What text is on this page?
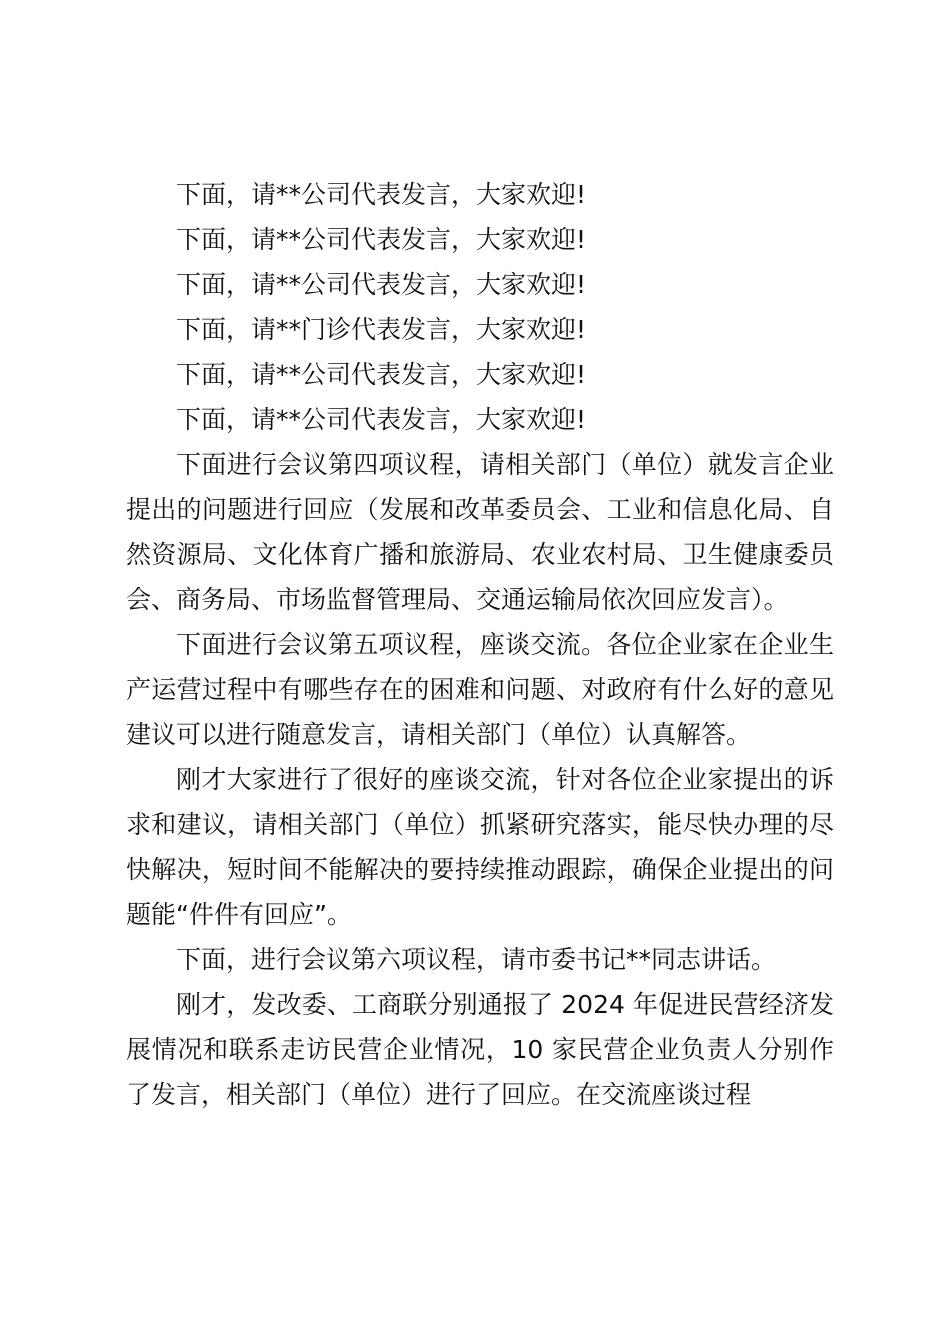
下面，请**公司代表发言，大家欢迎!

下面，请**公司代表发言，大家欢迎!

下面，请**公司代表发言，大家欢迎!

下面，请**门诊代表发言，大家欢迎!

下面，请**公司代表发言，大家欢迎!

下面，请**公司代表发言，大家欢迎!

下面进行会议第四项议程，请相关部门（单位）就发言企业提出的问题进行回应（发展和改革委员会、工业和信息化局、自然资源局、文化体育广播和旅游局、农业农村局、卫生健康委员会、商务局、市场监督管理局、交通运输局依次回应发言）。

下面进行会议第五项议程，座谈交流。各位企业家在企业生产运营过程中有哪些存在的困难和问题、对政府有什么好的意见建议可以进行随意发言，请相关部门（单位）认真解答。

刚才大家进行了很好的座谈交流，针对各位企业家提出的诉求和建议，请相关部门（单位）抓紧研究落实，能尽快办理的尽快解决，短时间不能解决的要持续推动跟踪，确保企业提出的问题能“件件有回应”。

下面，进行会议第六项议程，请市委书记**同志讲话。

刚才，发改委、工商联分别通报了 2024 年促进民营经济发展情况和联系走访民营企业情况，10 家民营企业负责人分别作了发言，相关部门（单位）进行了回应。在交流座谈过程
